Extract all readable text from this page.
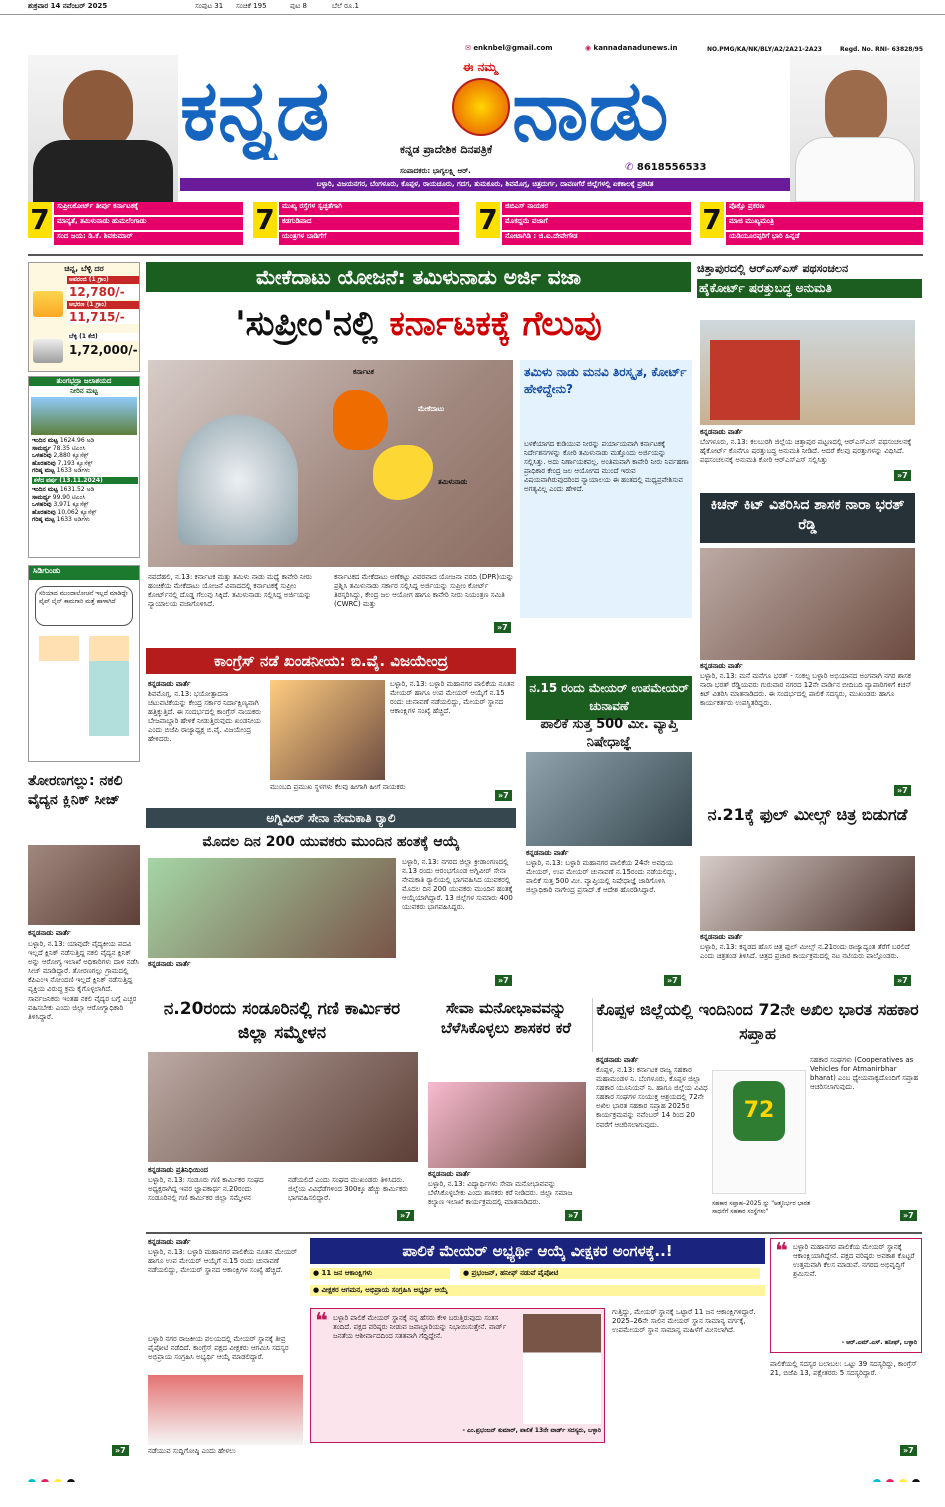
ಶುಕ್ರವಾರ 14 ನವೆಂಬರ್ 2025	ಸಂಪುಟ 31 ಸಂಚಿಕೆ 195	ಪುಟ 8	ಬೆಲೆ ರೂ.1
✉ enknbel@gmail.com	◉ kannadanadunews.in	NO.PMG/KA/NK/BLY/A2/2A21-2A23	Regd. No. RNI- 63828/95
ಕನ್ನಡ	ಈ ನಮ್ಮ ನಾಡು
ಕನ್ನಡ ಪ್ರಾದೇಶಿಕ ದಿನಪತ್ರಿಕೆ
ಸಂಪಾದಕರು: ಭಾಗ್ಯಲಕ್ಷ್ಮಿ ಆರ್.	✆ 8618556533
ಬಳ್ಳಾರಿ, ವಿಜಯನಗರ, ಬೆಂಗಳೂರು, ಕೊಪ್ಪಳ, ರಾಯಚೂರು, ಗದಗ, ತುಮಕೂರು, ಶಿವಮೊಗ್ಗ, ಚಿತ್ರದುರ್ಗ, ದಾವಣಗೆರೆ ಜಿಲ್ಲೆಗಳಲ್ಲಿ ಏಕಕಾಲಕ್ಕೆ ಪ್ರಕಟಿತ
7	ಸುಪ್ರೀಂಕೋರ್ಟ್ ತೀರ್ಪು ಕರ್ನಾಟಕಕ್ಕೆ
ಮಾನ್ಯತೆ, ತಮಿಳುನಾಡು ಹುಮಲೆಂಗಾಡು
ಸಂದ ಜಯ: ಡಿ.ಕೆ. ಶಿವಕುಮಾರ್	7	ಮುಖ್ಯ ರಸ್ತೆಗಳ ಸ್ವಚ್ಛತೆಗಾಗಿ
ಕಡಗುಡಿಪಾದ
ಯಂತ್ರಗಳ ಬಾಡಿಗೆಗೆ	7	ಜಿಬಿಎಸ್ ನಾಯಕರ
ಮೊಕದ್ದಮೆ ವಜಾಗೆ
ನೋಟಾಗಿಡಿ : ಜಿ.ಐ.ದೇವೇಗೌಡ	7	ಪೊಕ್ಸೊ ಪ್ರಕರಣ
ಮಾಜಿ ಮುಖ್ಯಮಂತ್ರಿ
ಯಡಿಯೂರಪ್ಪರಿಗೆ ಭಾರಿ ಹಿನ್ನಡೆ
ಚಿನ್ನ, ಬೆಳ್ಳಿ ದರ
ಅಪರಂಜಿ (1 ಗ್ರಾಂ)
12,780/-
ಆಭರಣ (1 ಗ್ರಾಂ)
11,715/-
ಬೆಳ್ಳಿ (1 ಕೆಜಿ)
1,72,000/-
ತುಂಗಭದ್ರಾ ಜಲಾಶಯದ
ನೀರಿನ ಮಟ್ಟ
ಇಂದಿನ ಮಟ್ಟ 1624.96 ಅಡಿ
ಸಾಮರ್ಥ್ಯ 78.35 ಟಿಎಂಸಿ
ಒಳಹರಿವು 2,880 ಕ್ಯೂಸೆಕ್ಸ್
ಹೊರಹರಿವು 7,193 ಕ್ಯೂಸೆಕ್ಸ್
ಗರಿಷ್ಠ ಮಟ್ಟ 1633 ಅಡಿಗಳು
ಕಳೆದ ವರ್ಷ (13.11.2024)
ಇಂದಿನ ಮಟ್ಟ 1631.52 ಅಡಿ
ಸಾಮರ್ಥ್ಯ 99.90 ಟಿಎಂಸಿ
ಒಳಹರಿವು 3,971 ಕ್ಯೂಸೆಕ್ಸ್
ಹೊರಹರಿವು 10,062 ಕ್ಯೂಸೆಕ್ಸ್
ಗರಿಷ್ಠ ಮಟ್ಟ 1633 ಅಡಿಗಳು
ಸಿಡಿಗುಂಡು
ಸರಿಯಾದ ಮುಂದಾಲೋಚನೆ ಇಲ್ಲದೆ ಮಾಡಿದ್ದೇ ಪೈಪ್ ಲೈನ್ ಕಾಮಗಾರಿ ಮತ್ತೆ ಹಾಳಾಗಿದೆ
ತೋರಣಗಲ್ಲು: ನಕಲಿ ವೈದ್ಯನ ಕ್ಲಿನಿಕ್ ಸೀಜ್
ಕನ್ನಡನಾಡು ವಾರ್ತೆ
ಬಳ್ಳಾರಿ, ನ.13: ಯಾವುದೇ ವೈದ್ಯಕೀಯ ಪದವಿ ಇಲ್ಲದೆ ಕ್ಲಿನಿಕ್ ನಡೆಸುತ್ತಿದ್ದ ನಕಲಿ ವೈದ್ಯನ ಕ್ಲಿನಿಕ್ ಅನ್ನು ಆರೋಗ್ಯ ಇಲಾಖೆ ಅಧಿಕಾರಿಗಳು ದಾಳಿ ನಡೆಸಿ ಸೀಜ್ ಮಾಡಿದ್ದಾರೆ. ತೋರಣಗಲ್ಲು ಗ್ರಾಮದಲ್ಲಿ ಕೆಪಿಎಂಇ ನೋಂದಣಿ ಇಲ್ಲದೆ ಕ್ಲಿನಿಕ್ ನಡೆಸುತ್ತಿದ್ದ ವ್ಯಕ್ತಿಯ ವಿರುದ್ಧ ಕ್ರಮ ಕೈಗೊಳ್ಳಲಾಗಿದೆ. ಸಾರ್ವಜನಿಕರು ಇಂತಹ ನಕಲಿ ವೈದ್ಯರ ಬಗ್ಗೆ ಎಚ್ಚರ ವಹಿಸಬೇಕು ಎಂದು ಜಿಲ್ಲಾ ಆರೋಗ್ಯಾಧಿಕಾರಿ ತಿಳಿಸಿದ್ದಾರೆ.
»7
ಮೇಕೆದಾಟು ಯೋಜನೆ: ತಮಿಳುನಾಡು ಅರ್ಜಿ ವಜಾ
'ಸುಪ್ರೀಂ'ನಲ್ಲಿ ಕರ್ನಾಟಕಕ್ಕೆ ಗೆಲುವು
ಕರ್ನಾಟಕ
ಮೇಕೆದಾಟು
ತಮಿಳುನಾಡು
ತಮಿಳು ನಾಡು ಮನವಿ ತಿರಸ್ಕೃತ, ಕೋರ್ಟ್ ಹೇಳಿದ್ದೇನು?
ಬಳಕೆಯಾಗದ ಕುಡಿಯುವ ನೀರನ್ನು ಪರ್ಯಾಯವಾಗಿ ಕರ್ನಾಟಕಕ್ಕೆ ನಿರ್ದೇಶನಗಳನ್ನು ಕೋರಿ ತಮಿಳುನಾಡು ಮತ್ತೊಂದು ಅರ್ಜಿಯನ್ನು ಸಲ್ಲಿಸಿತ್ತು. ಅದು ನಿರ್ಣಾಯಕವಲ್ಲ. ಅಂತಿಮವಾಗಿ ಕಾವೇರಿ ನೀರು ನಿರ್ವಹಣಾ ಪ್ರಾಧಿಕಾರ ಕೇಂದ್ರ ಜಲ ಆಯೋಗದ ಮುಂದೆ ಇರುವ ವಿಷಯವಾಗಿರುವುದರಿಂದ ನ್ಯಾಯಾಲಯ ಈ ಹಂತದಲ್ಲಿ ಮಧ್ಯಪ್ರವೇಶಿಸುವ ಅಗತ್ಯವಿಲ್ಲ ಎಂದು ಹೇಳಿದೆ.
ನವದೆಹಲಿ, ನ.13: ಕರ್ನಾಟಕ ಮತ್ತು ತಮಿಳು ನಾಡು ಮಧ್ಯೆ ಕಾವೇರಿ ನೀರು ಹಂಚಿಕೆಯ ಮೇಕೆದಾಟು ಯೋಜನೆ ವಿವಾದದಲ್ಲಿ ಕರ್ನಾಟಕಕ್ಕೆ ಸುಪ್ರೀಂ ಕೋರ್ಟ್‌ನಲ್ಲಿ ದೊಡ್ಡ ಗೆಲುವು ಸಿಕ್ಕಿದೆ. ತಮಿಳುನಾಡು ಸಲ್ಲಿಸಿದ್ದ ಅರ್ಜಿಯನ್ನು ನ್ಯಾಯಾಲಯ ವಜಾಗೊಳಿಸಿದೆ.
ಕರ್ನಾಟಕದ ಮೇಕೆದಾಟು ಅಣೆಕಟ್ಟು ವಿವರವಾದ ಯೋಜನಾ ವರದಿ (DPR)ಯನ್ನು ಪ್ರಶ್ನಿಸಿ ತಮಿಳುನಾಡು ಸರ್ಕಾರ ಸಲ್ಲಿಸಿದ್ದ ಅರ್ಜಿಯನ್ನು ಸುಪ್ರೀಂ ಕೋರ್ಟ್ ತಿರಸ್ಕರಿಸಿದ್ದು, ಕೇಂದ್ರ ಜಲ ಆಯೋಗ ಹಾಗೂ ಕಾವೇರಿ ನೀರು ನಿಯಂತ್ರಣ ಸಮಿತಿ (CWRC) ಮತ್ತು
»7
ಚಿತ್ತಾಪುರದಲ್ಲಿ ಆರ್‌ಎಸ್‌ಎಸ್ ಪಥಸಂಚಲನ
ಹೈಕೋರ್ಟ್ ಷರತ್ತುಬದ್ಧ ಅನುಮತಿ
ಕನ್ನಡನಾಡು ವಾರ್ತೆ
ಬೆಂಗಳೂರು, ನ.13: ಕಲಬುರಗಿ ಜಿಲ್ಲೆಯ ಚಿತ್ತಾಪುರ ಪಟ್ಟಣದಲ್ಲಿ ಆರ್‌ಎಸ್‌ಎಸ್ ಪಥಸಂಚಲನಕ್ಕೆ ಹೈಕೋರ್ಟ್ ಕೊನೆಗೂ ಷರತ್ತುಬದ್ಧ ಅನುಮತಿ ನೀಡಿದೆ. ಆದರೆ ಕೆಲವು ಷರತ್ತುಗಳನ್ನು ವಿಧಿಸಿದೆ. ಪಥಸಂಚಲನಕ್ಕೆ ಅನುಮತಿ ಕೋರಿ ಆರ್‌ಎಸ್‌ಎಸ್ ಸಲ್ಲಿಸಿತ್ತು
»7
ಕಿಚನ್ ಕಿಟ್ ವಿತರಿಸಿದ ಶಾಸಕ ನಾರಾ ಭರತ್ ರೆಡ್ಡಿ
ಕನ್ನಡನಾಡು ವಾರ್ತೆ
ಬಳ್ಳಾರಿ, ನ.13: ಮನೆ ಮನೆಗೂ ಭರತ್ - ಸಂಕಲ್ಪ ಬಳ್ಳಾರಿ ಅಭಿಯಾನದ ಅಂಗವಾಗಿ ನಗರ ಶಾಸಕ ನಾರಾ ಭರತ್ ರೆಡ್ಡಿಯವರು ಗುರುವಾರ ನಗರದ 12ನೇ ವಾರ್ಡಿನ ಬೀದಿಬದಿ ವ್ಯಾಪಾರಿಗಳಿಗೆ ಕಿಚನ್ ಕಿಟ್ ವಿತರಿಸಿ ಮಾತನಾಡಿದರು. ಈ ಸಂದರ್ಭದಲ್ಲಿ ಪಾಲಿಕೆ ಸದಸ್ಯರು, ಮುಖಂಡರು ಹಾಗೂ ಕಾರ್ಯಕರ್ತರು ಉಪಸ್ಥಿತರಿದ್ದರು.
»7
ನ.21ಕ್ಕೆ ಫುಲ್ ಮೀಲ್ಸ್ ಚಿತ್ರ ಬಿಡುಗಡೆ
ಕನ್ನಡನಾಡು ವಾರ್ತೆ
ಬಳ್ಳಾರಿ, ನ.13: ಕನ್ನಡದ ಹೊಸ ಚಿತ್ರ ಫುಲ್ ಮೀಲ್ಸ್ ನ.21ರಂದು ರಾಜ್ಯಾದ್ಯಂತ ತೆರೆಗೆ ಬರಲಿದೆ ಎಂದು ಚಿತ್ರತಂಡ ತಿಳಿಸಿದೆ. ಚಿತ್ರದ ಪ್ರಚಾರ ಕಾರ್ಯಕ್ರಮದಲ್ಲಿ ನಟ ನಟಿಯರು ಪಾಲ್ಗೊಂಡರು.
»7
ಕಾಂಗ್ರೆಸ್ ನಡೆ ಖಂಡನೀಯ: ಬಿ.ವೈ. ವಿಜಯೇಂದ್ರ
ಕನ್ನಡನಾಡು ವಾರ್ತೆ
ಶಿವಮೊಗ್ಗ, ನ.13: ಭಯೋತ್ಪಾದನಾ ಚಟುವಟಿಕೆಯನ್ನು ಕೇಂದ್ರ ಸರ್ಕಾರ ನಿರ್ದಾಕ್ಷಿಣ್ಯವಾಗಿ ಹತ್ತಿಕ್ಕುತ್ತಿದೆ. ಈ ಸಂದರ್ಭದಲ್ಲಿ ಕಾಂಗ್ರೆಸ್ ನಾಯಕರು ಬೇಜವಾಬ್ದಾರಿ ಹೇಳಿಕೆ ನೀಡುತ್ತಿರುವುದು ಖಂಡನೀಯ ಎಂದು ಬಿಜೆಪಿ ರಾಜ್ಯಾಧ್ಯಕ್ಷ ಬಿ.ವೈ. ವಿಜಯೇಂದ್ರ ಹೇಳಿದರು.
ಬಳ್ಳಾರಿ, ನ.13: ಬಳ್ಳಾರಿ ಮಹಾನಗರ ಪಾಲಿಕೆಯ ನೂತನ ಮೇಯರ್ ಹಾಗೂ ಉಪ ಮೇಯರ್ ಆಯ್ಕೆಗೆ ನ.15 ರಂದು ಚುನಾವಣೆ ನಡೆಯಲಿದ್ದು, ಮೇಯರ್ ಸ್ಥಾನದ ಆಕಾಂಕ್ಷಿಗಳ ಸಂಖ್ಯೆ ಹೆಚ್ಚಿದೆ.
ಮುಂಬದಿ ಪ್ರಮುಖ ಸ್ಥಳಗಳು ಕೆಲವು ಹೀಗಾಗಿ ಹೀಗೆ ನಾಯಕರು
»7
ನ.15 ರಂದು ಮೇಯರ್ ಉಪಮೇಯರ್ ಚುನಾವಣೆ
ಪಾಲಿಕೆ ಸುತ್ತ 500 ಮೀ. ವ್ಯಾಪ್ತಿ ನಿಷೇಧಾಜ್ಞೆ
ಕನ್ನಡನಾಡು ವಾರ್ತೆ
ಬಳ್ಳಾರಿ, ನ.13: ಬಳ್ಳಾರಿ ಮಹಾನಗರ ಪಾಲಿಕೆಯ 24ನೇ ಅವಧಿಯ ಮೇಯರ್, ಉಪ ಮೇಯರ್ ಚುನಾವಣೆ ನ.15ರಂದು ನಡೆಯಲಿದ್ದು, ಪಾಲಿಕೆ ಸುತ್ತ 500 ಮೀ. ವ್ಯಾಪ್ತಿಯಲ್ಲಿ ನಿಷೇಧಾಜ್ಞೆ ಜಾರಿಗೊಳಿಸಿ ಜಿಲ್ಲಾಧಿಕಾರಿ ನಾಗೇಂದ್ರ ಪ್ರಸಾದ್.ಕೆ ಆದೇಶ ಹೊರಡಿಸಿದ್ದಾರೆ.
»7
ಅಗ್ನಿವೀರ್ ಸೇನಾ ನೇಮಕಾತಿ ರ‍್ಯಾಲಿ
ಮೊದಲ ದಿನ 200 ಯುವಕರು ಮುಂದಿನ ಹಂತಕ್ಕೆ ಆಯ್ಕೆ
ಬಳ್ಳಾರಿ, ನ.13: ನಗರದ ಜಿಲ್ಲಾ ಕ್ರೀಡಾಂಗಣದಲ್ಲಿ ನ.13 ರಂದು ಆರಂಭಗೊಂಡ ಅಗ್ನಿವೀರ್ ಸೇನಾ ನೇಮಕಾತಿ ರ‍್ಯಾಲಿಯಲ್ಲಿ ಭಾಗವಹಿಸಿದ ಯುವಕರಲ್ಲಿ ಮೊದಲ ದಿನ 200 ಯುವಕರು ಮುಂದಿನ ಹಂತಕ್ಕೆ ಆಯ್ಕೆಯಾಗಿದ್ದಾರೆ. 13 ಜಿಲ್ಲೆಗಳ ಸುಮಾರು 400 ಯುವಕರು ಭಾಗವಹಿಸಿದ್ದರು.
ಕನ್ನಡನಾಡು ವಾರ್ತೆ
»7
ನ.20ರಂದು ಸಂಡೂರಿನಲ್ಲಿ ಗಣಿ ಕಾರ್ಮಿಕರ ಜಿಲ್ಲಾ ಸಮ್ಮೇಳನ
ಕನ್ನಡನಾಡು ಪ್ರತಿನಿಧಿಯಿಂದ
ಬಳ್ಳಾರಿ, ನ.13: ಸಂಡೂರು ಗಣಿ ಕಾರ್ಮಿಕರ ಸಂಘದ ಅಧ್ಯಕ್ಷರಾಗಿದ್ದ ಇವರ ಜ್ಞಾಪಕಾರ್ಥ ನ.20ರಂದು ಸಂಡೂರಿನಲ್ಲಿ ಗಣಿ ಕಾರ್ಮಿಕರ ಜಿಲ್ಲಾ ಸಮ್ಮೇಳನ ನಡೆಯಲಿದೆ ಎಂದು ಸಂಘದ ಮುಖಂಡರು ತಿಳಿಸಿದರು. ಜಿಲ್ಲೆಯ ವಿವಿಧೆಡೆಗಳಿಂದ 300ಕ್ಕೂ ಹೆಚ್ಚು ಕಾರ್ಮಿಕರು ಭಾಗವಹಿಸಲಿದ್ದಾರೆ.
»7
ಸೇವಾ ಮನೋಭಾವವನ್ನು ಬೆಳೆಸಿಕೊಳ್ಳಲು ಶಾಸಕರ ಕರೆ
ಕನ್ನಡನಾಡು ವಾರ್ತೆ
ಬಳ್ಳಾರಿ, ನ.13: ವಿದ್ಯಾರ್ಥಿಗಳು ಸೇವಾ ಮನೋಭಾವವನ್ನು ಬೆಳೆಸಿಕೊಳ್ಳಬೇಕು ಎಂದು ಶಾಸಕರು ಕರೆ ನೀಡಿದರು. ಜಿಲ್ಲಾ ಸಮಾಜ ಕಲ್ಯಾಣ ಇಲಾಖೆ ಕಾರ್ಯಕ್ರಮದಲ್ಲಿ ಮಾತನಾಡಿದರು.
»7
ಕೊಪ್ಪಳ ಜಿಲ್ಲೆಯಲ್ಲಿ ಇಂದಿನಿಂದ 72ನೇ ಅಖಿಲ ಭಾರತ ಸಹಕಾರ ಸಪ್ತಾಹ
ಕನ್ನಡನಾಡು ವಾರ್ತೆ
ಕೊಪ್ಪಳ, ನ.13: ಕರ್ನಾಟಕ ರಾಜ್ಯ ಸಹಕಾರ ಮಹಾಮಂಡಳ ನಿ. ಬೆಂಗಳೂರು, ಕೊಪ್ಪಳ ಜಿಲ್ಲಾ ಸಹಕಾರ ಯೂನಿಯನ್ ನಿ. ಹಾಗೂ ಜಿಲ್ಲೆಯ ವಿವಿಧ ಸಹಕಾರ ಸಂಘಗಳ ಸಂಯುಕ್ತ ಆಶ್ರಯದಲ್ಲಿ 72ನೇ ಅಖಿಲ ಭಾರತ ಸಹಕಾರ ಸಪ್ತಾಹ 2025ರ ಕಾರ್ಯಕ್ರಮವನ್ನು ನವೆಂಬರ್ 14 ರಿಂದ 20 ರವರೆಗೆ ಆಚರಿಸಲಾಗುವುದು.
72
ಸಹಕಾರ ಸಂಘಗಳು (Cooperatives as Vehicles for Atmanirbhar bharat) ಎಂಬ ಧ್ಯೇಯವಾಕ್ಯದೊಂದಿಗೆ ಸಪ್ತಾಹ ಆಚರಿಸಲಾಗುವುದು.
ಸಹಕಾರ ಸಪ್ತಾಹ–2025 ನ್ನು "ಆತ್ಮನಿರ್ಭರ ಭಾರತ ಸಾಧನೆಗೆ ಸಹಕಾರ ಸಂಸ್ಥೆಗಳು"	»7
ಕನ್ನಡನಾಡು ವಾರ್ತೆ
ಬಳ್ಳಾರಿ, ನ.13: ಬಳ್ಳಾರಿ ಮಹಾನಗರ ಪಾಲಿಕೆಯ ನೂತನ ಮೇಯರ್ ಹಾಗೂ ಉಪ ಮೇಯರ್ ಆಯ್ಕೆಗೆ ನ.15 ರಂದು ಚುನಾವಣೆ ನಡೆಯಲಿದ್ದು, ಮೇಯರ್ ಸ್ಥಾನದ ಆಕಾಂಕ್ಷಿಗಳ ಸಂಖ್ಯೆ ಹೆಚ್ಚಿದೆ.
ಬಳ್ಳಾರಿ ನಗರ ರಾಜಕೀಯ ವಲಯದಲ್ಲಿ ಮೇಯರ್ ಸ್ಥಾನಕ್ಕೆ ತೀವ್ರ ಪೈಪೋಟಿ ನಡೆದಿದೆ. ಕಾಂಗ್ರೆಸ್ ಪಕ್ಷದ ವೀಕ್ಷಕರು ಆಗಮಿಸಿ ಸದಸ್ಯರ ಅಭಿಪ್ರಾಯ ಸಂಗ್ರಹಿಸಿ ಅಭ್ಯರ್ಥಿ ಆಯ್ಕೆ ಮಾಡಲಿದ್ದಾರೆ.
ಪಾಲಿಕೆ ಮೇಯರ್ ಅಭ್ಯರ್ಥಿ ಆಯ್ಕೆ ವೀಕ್ಷಕರ ಅಂಗಳಕ್ಕೆ..!
● 11 ಜನ ಆಕಾಂಕ್ಷಿಗಳು	● ಪ್ರಭಂಜನ್, ಹನೀಫ್ ನಡುವೆ ಪೈಪೋಟಿ
● ವೀಕ್ಷಕರ ಆಗಮನ, ಅಭಿಪ್ರಾಯ ಸಂಗ್ರಹಿಸಿ ಅಭ್ಯರ್ಥಿ ಆಯ್ಕೆ
❝ ಬಳ್ಳಾರಿ ಪಾಲಿಕೆ ಮೇಯರ್ ಸ್ಥಾನಕ್ಕೆ ನನ್ನ ಹೆಸರು ಕೇಳಿ ಬರುತ್ತಿರುವುದು ಸಂತಸ ತಂದಿದೆ. ಪಕ್ಷದ ವರಿಷ್ಠರು ನೀಡುವ ಜವಾಬ್ದಾರಿಯನ್ನು ನಿಭಾಯಿಸುತ್ತೇನೆ. ವಾರ್ಡ್ ಜನತೆಯ ಆಶೀರ್ವಾದದಿಂದ ಸತತವಾಗಿ ಗೆದ್ದಿದ್ದೇನೆ.
- ಎಂ.ಪ್ರಭಂಜನ್ ಕುಮಾರ್, ಪಾಲಿಕೆ 13ನೇ ವಾರ್ಡ್ ಸದಸ್ಯರು, ಬಳ್ಳಾರಿ
ನಡೆಯುವ ಸುದ್ದಿಗೋಷ್ಠಿ ಎಂದು ಹೇಳಲು
ಗುತ್ತಿದ್ದು, ಮೇಯರ್ ಸ್ಥಾನಕ್ಕೆ ಒಟ್ಟಾರೆ 11 ಜನ ಆಕಾಂಕ್ಷಿಗಳಿದ್ದಾರೆ. 2025–26ನೇ ಸಾಲಿನ ಮೇಯರ್ ಸ್ಥಾನ ಸಾಮಾನ್ಯ ವರ್ಗಕ್ಕೆ, ಉಪಮೇಯರ್ ಸ್ಥಾನ ಸಾಮಾನ್ಯ ಮಹಿಳೆಗೆ ಮೀಸಲಾಗಿದೆ.
❝ ಬಳ್ಳಾರಿ ಮಹಾನಗರ ಪಾಲಿಕೆಯ ಮೇಯರ್ ಸ್ಥಾನಕ್ಕೆ ಆಕಾಂಕ್ಷಿಯಾಗಿದ್ದೇನೆ. ಪಕ್ಷದ ವರಿಷ್ಠರು ಅವಕಾಶ ಕೊಟ್ಟರೆ ಉತ್ತಮವಾಗಿ ಕೆಲಸ ಮಾಡುವೆ. ನಗರದ ಅಭಿವೃದ್ಧಿಗೆ ಶ್ರಮಿಸುವೆ.
- ಆರ್.ಎಮ್.ಎಸ್. ಹನೀಫ್, ಬಳ್ಳಾರಿ
ಪಾಲಿಕೆಯಲ್ಲಿ ಸದಸ್ಯರ ಬಲಾಬಲ: ಒಟ್ಟು 39 ಸದಸ್ಯರಿದ್ದು, ಕಾಂಗ್ರೆಸ್ 21, ಬಿಜೆಪಿ 13, ಪಕ್ಷೇತರರು 5 ಸದಸ್ಯರಿದ್ದಾರೆ.
»7
